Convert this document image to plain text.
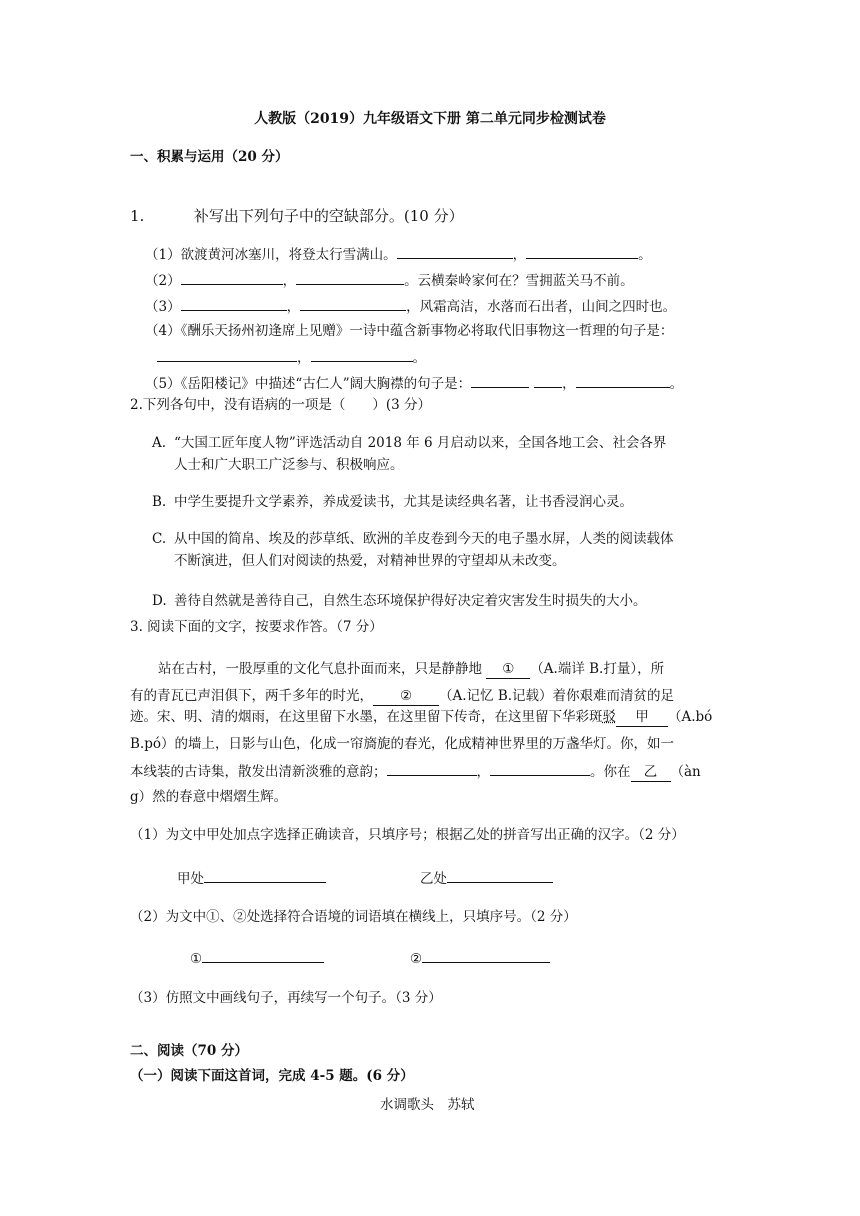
人教版（2019）九年级语文下册 第二单元同步检测试卷
一、积累与运用（20 分）
1.	补写出下列句子中的空缺部分。(10 分）
（1）欲渡黄河冰塞川，将登太行雪满山。	，	。
（2）	，	。云横秦岭家何在？雪拥蓝关马不前。
（3）	，	，风霜高洁，水落而石出者，山间之四时也。
（4）《酬乐天扬州初逢席上见赠》一诗中蕴含新事物必将取代旧事物这一哲理的句子是：
，	。
（5）《岳阳楼记》中描述“古仁人”阔大胸襟的句子是：	，	。
2.下列各句中，没有语病的一项是（　　）(3 分）
A. “大国工匠年度人物”评选活动自 2018 年 6 月启动以来，全国各地工会、社会各界
人士和广大职工广泛参与、积极响应。
B. 中学生要提升文学素养，养成爱读书，尤其是读经典名著，让书香浸润心灵。
C. 从中国的简帛、埃及的莎草纸、欧洲的羊皮卷到今天的电子墨水屏，人类的阅读载体
不断演进，但人们对阅读的热爱，对精神世界的守望却从未改变。
D. 善待自然就是善待自己，自然生态环境保护得好决定着灾害发生时损失的大小。
3. 阅读下面的文字，按要求作答。（7 分）
站在古村，一股厚重的文化气息扑面而来，只是静静地 ① （A.端详 B.打量），所
有的青瓦已声泪俱下，两千多年的时光， ② （A.记忆 B.记载）着你艰难而清贫的足
迹。宋、明、清的烟雨，在这里留下水墨，在这里留下传奇，在这里留下华彩斑驳 甲 （A.bó
B.pó）的墙上，日影与山色，化成一帘旖旎的春光，化成精神世界里的万盏华灯。你，如一
本线装的古诗集，散发出清新淡雅的意韵；	，	。你在 乙 （àn
g）然的春意中熠熠生辉。
（1）为文中甲处加点字选择正确读音，只填序号；根据乙处的拼音写出正确的汉字。（2 分）
甲处	乙处
（2）为文中①、②处选择符合语境的词语填在横线上，只填序号。（2 分）
①	②
（3）仿照文中画线句子，再续写一个句子。（3 分）
二、阅读（70 分）
（一）阅读下面这首词，完成 4-5 题。(6 分）
水调歌头　苏轼
